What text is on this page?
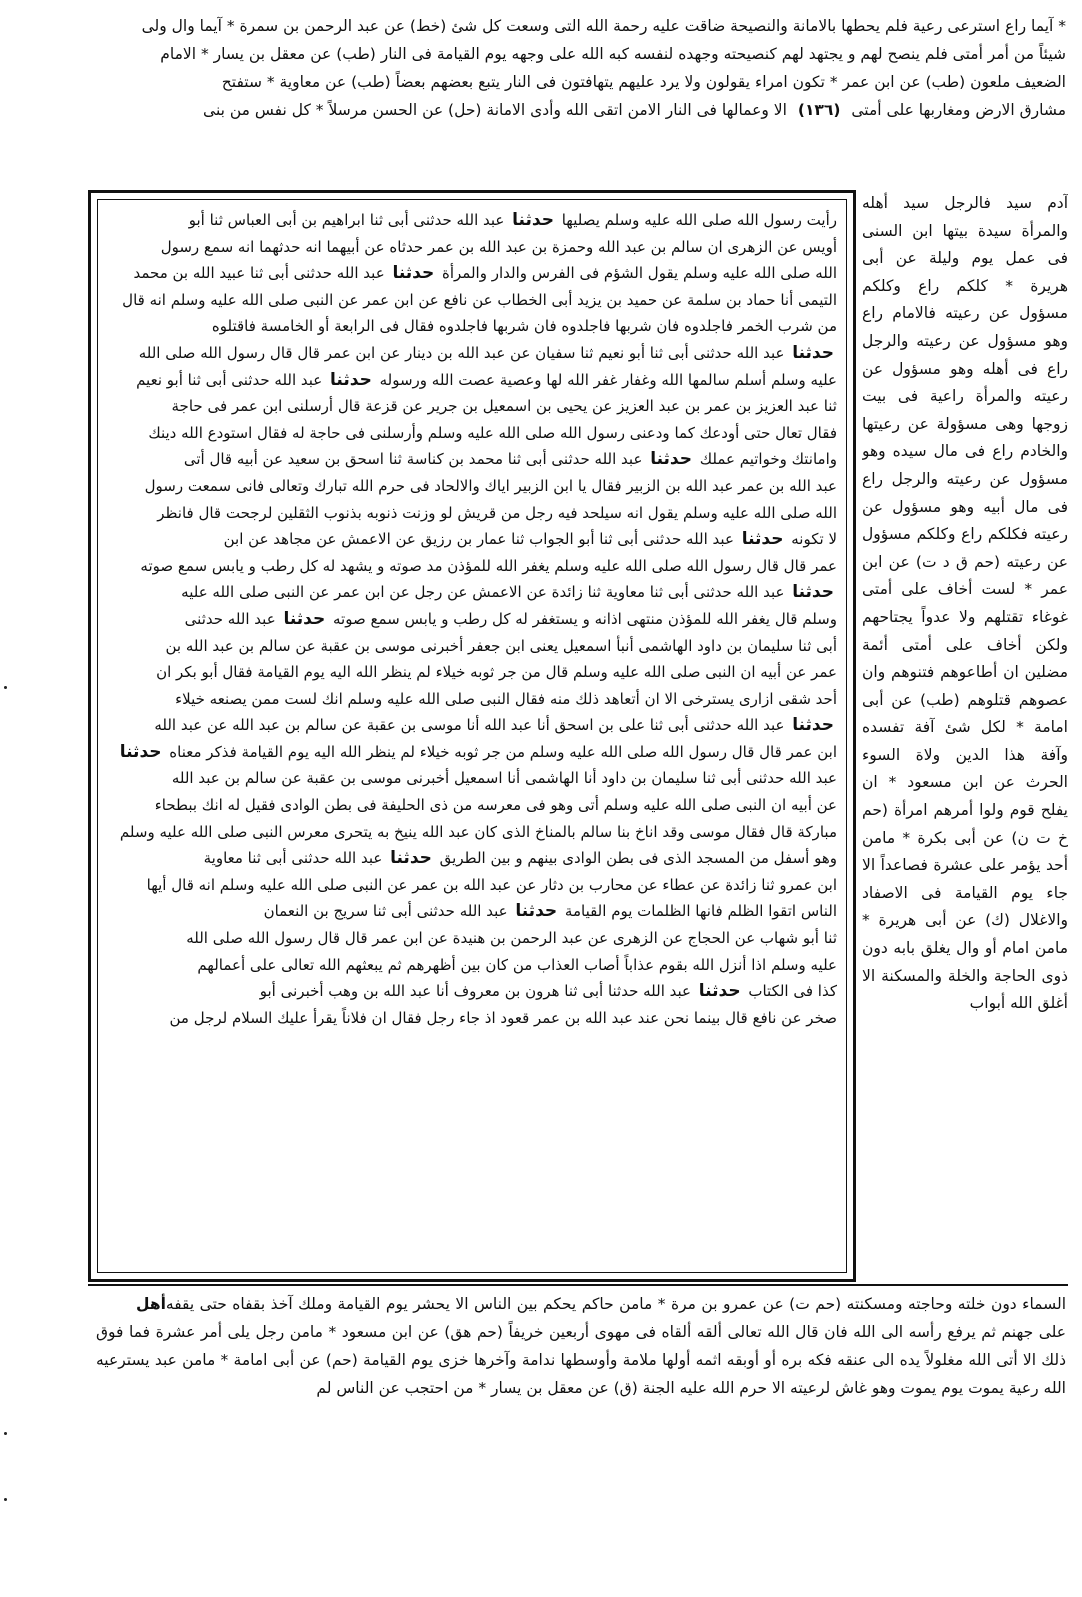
* آيما راع استرعى رعية فلم يحطها بالامانة والنصيحة ضاقت عليه رحمة الله التى وسعت كل شئ (خط) عن عبد الرحمن بن سمرة * آيما وال ولى

شيئاً من أمر أمتى فلم ينصح لهم و يجتهد لهم كنصيحته وجهده لنفسه كبه الله على وجهه يوم القيامة فى النار (طب) عن معقل بن يسار * الامام

الضعيف ملعون (طب) عن ابن عمر * تكون امراء يقولون ولا يرد عليهم يتهافتون فى النار يتبع بعضهم بعضاً (طب) عن معاوية * ستفتح

مشارق الارض ومغاربها على أمتى (١٣٦) الا وعمالها فى النار الامن اتقى الله وأدى الامانة (حل) عن الحسن مرسلاً * كل نفس من بنى

رأيت رسول الله صلى الله عليه وسلم يصليها حدثنا عبد الله حدثنى أبى ثنا ابراهيم بن أبى العباس ثنا أبو

أويس عن الزهرى ان سالم بن عبد الله وحمزة بن عبد الله بن عمر حدثاه عن أبيهما انه حدثهما انه سمع رسول

الله صلى الله عليه وسلم يقول الشؤم فى الفرس والدار والمرأة حدثنا عبد الله حدثنى أبى ثنا عبيد الله بن محمد

التيمى أنا حماد بن سلمة عن حميد بن يزيد أبى الخطاب عن نافع عن ابن عمر عن النبى صلى الله عليه وسلم انه قال

من شرب الخمر فاجلدوه فان شربها فاجلدوه فان شربها فاجلدوه فقال فى الرابعة أو الخامسة فاقتلوه

حدثنا عبد الله حدثنى أبى ثنا أبو نعيم ثنا سفيان عن عبد الله بن دينار عن ابن عمر قال قال رسول الله صلى الله

عليه وسلم أسلم سالمها الله وغفار غفر الله لها وعصية عصت الله ورسوله حدثنا عبد الله حدثنى أبى ثنا أبو نعيم

ثنا عبد العزيز بن عمر بن عبد العزيز عن يحيى بن اسمعيل بن جرير عن قزعة قال أرسلنى ابن عمر فى حاجة

فقال تعال حتى أودعك كما ودعنى رسول الله صلى الله عليه وسلم وأرسلنى فى حاجة له فقال استودع الله دينك

وامانتك وخواتيم عملك حدثنا عبد الله حدثنى أبى ثنا محمد بن كناسة ثنا اسحق بن سعيد عن أبيه قال أتى

عبد الله بن عمر عبد الله بن الزبير فقال يا ابن الزبير اياك والالحاد فى حرم الله تبارك وتعالى فانى سمعت رسول

الله صلى الله عليه وسلم يقول انه سيلحد فيه رجل من قريش لو وزنت ذنوبه بذنوب الثقلين لرجحت قال فانظر

لا تكونه حدثنا عبد الله حدثنى أبى ثنا أبو الجواب ثنا عمار بن رزيق عن الاعمش عن مجاهد عن ابن

عمر قال قال رسول الله صلى الله عليه وسلم يغفر الله للمؤذن مد صوته و يشهد له كل رطب و يابس سمع صوته

حدثنا عبد الله حدثنى أبى ثنا معاوية ثنا زائدة عن الاعمش عن رجل عن ابن عمر عن النبى صلى الله عليه

وسلم قال يغفر الله للمؤذن منتهى اذانه و يستغفر له كل رطب و يابس سمع صوته حدثنا عبد الله حدثنى

أبى ثنا سليمان بن داود الهاشمى أنبأ اسمعيل يعنى ابن جعفر أخبرنى موسى بن عقبة عن سالم بن عبد الله بن

عمر عن أبيه ان النبى صلى الله عليه وسلم قال من جر ثوبه خيلاء لم ينظر الله اليه يوم القيامة فقال أبو بكر ان

أحد شقى ازارى يسترخى الا ان أتعاهد ذلك منه فقال النبى صلى الله عليه وسلم انك لست ممن يصنعه خيلاء

حدثنا عبد الله حدثنى أبى ثنا على بن اسحق أنا عبد الله أنا موسى بن عقبة عن سالم بن عبد الله عن عبد الله

ابن عمر قال قال رسول الله صلى الله عليه وسلم من جر ثوبه خيلاء لم ينظر الله اليه يوم القيامة فذكر معناه حدثنا

عبد الله حدثنى أبى ثنا سليمان بن داود أنا الهاشمى أنا اسمعيل أخبرنى موسى بن عقبة عن سالم بن عبد الله

عن أبيه ان النبى صلى الله عليه وسلم أتى وهو فى معرسه من ذى الحليفة فى بطن الوادى فقيل له انك ببطحاء

مباركة قال فقال موسى وقد اناخ بنا سالم بالمناخ الذى كان عبد الله ينيخ به يتحرى معرس النبى صلى الله عليه وسلم

وهو أسفل من المسجد الذى فى بطن الوادى بينهم و بين الطريق حدثنا عبد الله حدثنى أبى ثنا معاوية

ابن عمرو ثنا زائدة عن عطاء عن محارب بن دثار عن عبد الله بن عمر عن النبى صلى الله عليه وسلم انه قال أيها

الناس اتقوا الظلم فانها الظلمات يوم القيامة حدثنا عبد الله حدثنى أبى ثنا سريج بن النعمان

ثنا أبو شهاب عن الحجاج عن الزهرى عن عبد الرحمن بن هنيدة عن ابن عمر قال قال رسول الله صلى الله

عليه وسلم اذا أنزل الله بقوم عذاباً أصاب العذاب من كان بين أظهرهم ثم يبعثهم الله تعالى على أعمالهم

كذا فى الكتاب حدثنا عبد الله حدثنا أبى ثنا هرون بن معروف أنا عبد الله بن وهب أخبرنى أبو

صخر عن نافع قال بينما نحن عند عبد الله بن عمر قعود اذ جاء رجل فقال ان فلاناً يقرأ عليك السلام لرجل من

آدم سيد فالرجل سيد أهله والمرأة سيدة بيتها ابن السنى فى عمل يوم وليلة عن أبى هريرة * كلكم راع وكلكم مسؤول عن رعيته فالامام راع وهو مسؤول عن رعيته والرجل راع فى أهله وهو مسؤول عن رعيته والمرأة راعية فى بيت زوجها وهى مسؤولة عن رعيتها والخادم راع فى مال سيده وهو مسؤول عن رعيته والرجل راع فى مال أبيه وهو مسؤول عن رعيته فكلكم راع وكلكم مسؤول عن رعيته (حم ق د ت) عن ابن عمر * لست أخاف على أمتى غوغاء تقتلهم ولا عدواً يجتاحهم ولكن أخاف على أمتى أئمة مضلين ان أطاعوهم فتنوهم وان عصوهم قتلوهم (طب) عن أبى امامة * لكل شئ آفة تفسده وآفة هذا الدين ولاة السوء الحرث عن ابن مسعود * ان يفلح قوم ولوا أمرهم امرأة (حم خ ت ن) عن أبى بكرة * مامن أحد يؤمر على عشرة فصاعداً الا جاء يوم القيامة فى الاصفاد والاغلال (ك) عن أبى هريرة * مامن امام أو وال يغلق بابه دون ذوى الحاجة والخلة والمسكنة الا أغلق الله أبواب

أهل السماء دون خلته وحاجته ومسكنته (حم ت) عن عمرو بن مرة * مامن حاكم يحكم بين الناس الا يحشر يوم القيامة وملك آخذ بقفاه حتى يقفه على جهنم ثم يرفع رأسه الى الله فان قال الله تعالى ألقه ألقاه فى مهوى أربعين خريفاً (حم هق) عن ابن مسعود * مامن رجل يلى أمر عشرة فما فوق ذلك الا أتى الله مغلولاً يده الى عنقه فكه بره أو أوبقه اثمه أولها ملامة وأوسطها ندامة وآخرها خزى يوم القيامة (حم) عن أبى امامة * مامن عبد يسترعيه الله رعية يموت يوم يموت وهو غاش لرعيته الا حرم الله عليه الجنة (ق) عن معقل بن يسار * من احتجب عن الناس لم
